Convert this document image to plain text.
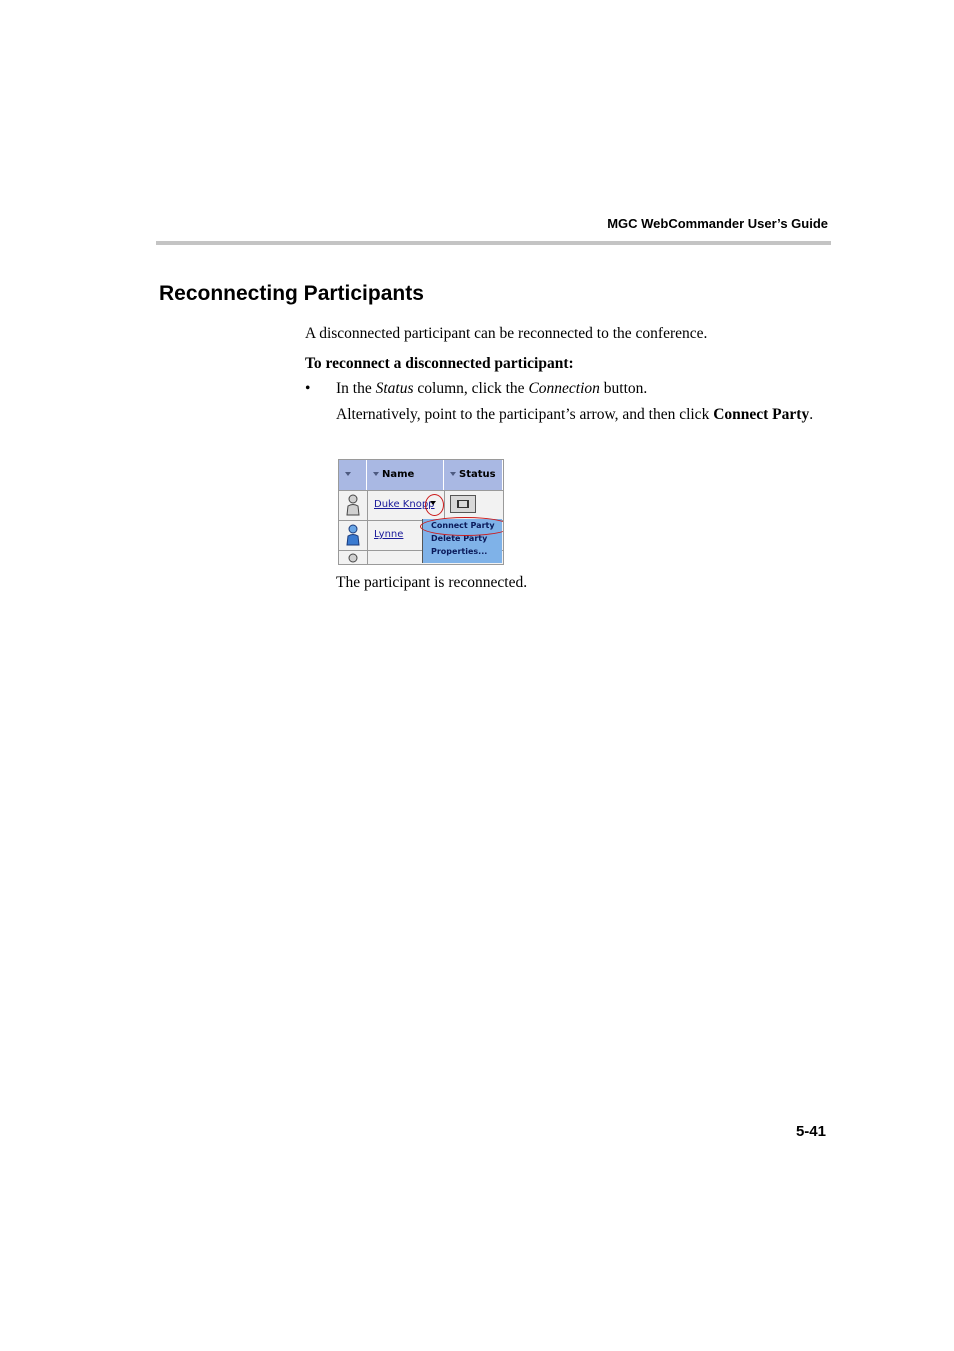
MGC WebCommander User’s Guide
Reconnecting Participants
A disconnected participant can be reconnected to the conference.
To reconnect a disconnected participant:
• In the Status column, click the Connection button.
Alternatively, point to the participant’s arrow, and then click Connect Party.
Name	Status
Duke Knopp
Lynne
Connect Party
Delete Party
Properties...
The participant is reconnected.
5-41
